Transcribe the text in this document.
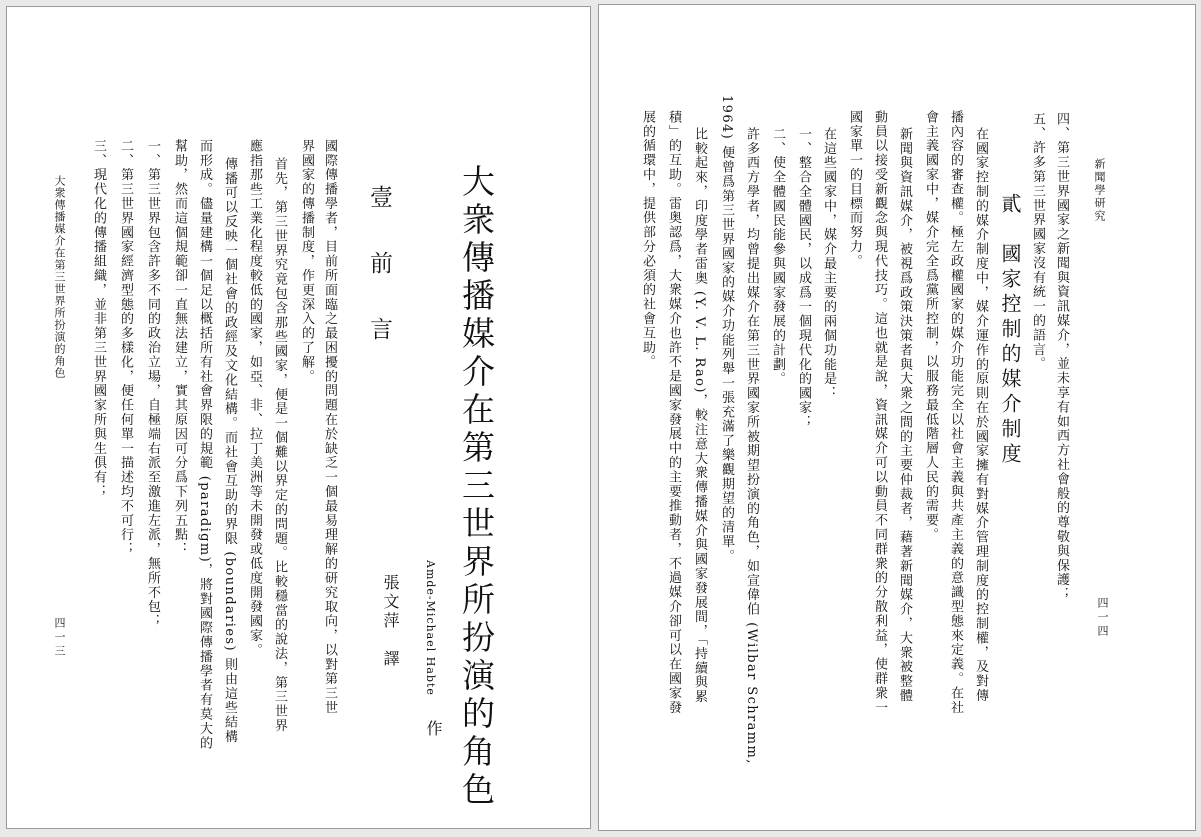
大衆傳播媒介在第三世界所扮演的角色
Amde-Michael Habte
作
張文萍
譯
壹　前　言
國際傳播學者，目前所面臨之最困擾的問題在於缺乏一個最易理解的研究取向，以對第三世
界國家的傳播制度，作更深入的了解。
首先，第三世界究竟包含那些國家，便是一個難以界定的問題。比較穩當的說法，第三世界
應指那些工業化程度較低的國家，如亞、非、拉丁美洲等未開發或低度開發國家。
傳播可以反映一個社會的政經及文化結構。而社會互助的界限 (boundaries) 則由這些結構
而形成。儘量建構一個足以概括所有社會界限的規範 (paradigm)，將對國際傳播學者有莫大的
幫助，然而這個規範卻一直無法建立，實其原因可分爲下列五點：
一、第三世界包含許多不同的政治立場，自極端右派至激進左派，無所不包；
二、第三世界國家經濟型態的多樣化，便任何單一描述均不可行；
三、現代化的傳播組織，並非第三世界國家所與生俱有；
大衆傳播媒介在第三世界所扮演的角色
四一三
新聞學研究
四一四
四、第三世界國家之新聞與資訊媒介，並未享有如西方社會般的尊敬與保護；
五、許多第三世界國家沒有統一的語言。
貳　國家控制的媒介制度
在國家控制的媒介制度中，媒介運作的原則在於國家擁有對媒介管理制度的控制權，及對傳
播內容的審查權。極左政權國家的媒介功能完全以社會主義與共產主義的意識型態來定義。在社
會主義國家中，媒介完全爲黨所控制，以服務最低階層人民的需要。
新聞與資訊媒介，被視爲政策決策者與大衆之間的主要仲裁者，藉著新聞媒介，大衆被整體
動員以接受新觀念與現代技巧。這也就是說，資訊媒介可以動員不同群衆的分散利益，使群衆一
國家單一的目標而努力。
在這些國家中，媒介最主要的兩個功能是：
一、整合全體國民，以成爲一個現代化的國家；
二、使全體國民能參與國家發展的計劃。
許多西方學者，均曾提出媒介在第三世界國家所被期望扮演的角色，如宣偉伯 (Wilbar Schramm,
1964) 便曾爲第三世界國家的媒介功能列舉一張充滿了樂觀期望的清單。
比較起來，印度學者雷奥 (Y. V. L. Rao)，較注意大衆傳播媒介與國家發展間，「持續與累
積」的互助。雷奥認爲，大衆媒介也許不是國家發展中的主要推動者，不過媒介卻可以在國家發
展的循環中，提供部分必須的社會互助。
